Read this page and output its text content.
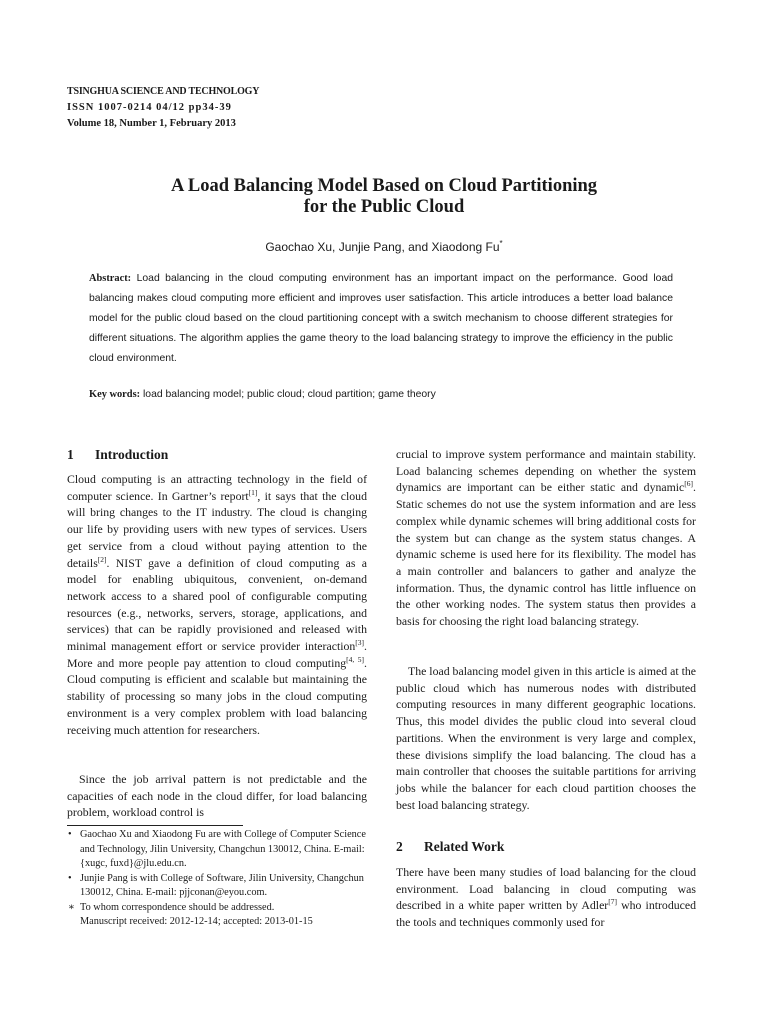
TSINGHUA SCIENCE AND TECHNOLOGY
ISSN 1007-0214 04/12 pp34-39
Volume 18, Number 1, February 2013
A Load Balancing Model Based on Cloud Partitioning
for the Public Cloud
Gaochao Xu, Junjie Pang, and Xiaodong Fu*
Abstract: Load balancing in the cloud computing environment has an important impact on the performance. Good load balancing makes cloud computing more efficient and improves user satisfaction. This article introduces a better load balance model for the public cloud based on the cloud partitioning concept with a switch mechanism to choose different strategies for different situations. The algorithm applies the game theory to the load balancing strategy to improve the efficiency in the public cloud environment.
Key words: load balancing model; public cloud; cloud partition; game theory
1 Introduction
Cloud computing is an attracting technology in the field of computer science. In Gartner’s report[1], it says that the cloud will bring changes to the IT industry. The cloud is changing our life by providing users with new types of services. Users get service from a cloud without paying attention to the details[2]. NIST gave a definition of cloud computing as a model for enabling ubiquitous, convenient, on-demand network access to a shared pool of configurable computing resources (e.g., networks, servers, storage, applications, and services) that can be rapidly provisioned and released with minimal management effort or service provider interaction[3]. More and more people pay attention to cloud computing[4, 5]. Cloud computing is efficient and scalable but maintaining the stability of processing so many jobs in the cloud computing environment is a very complex problem with load balancing receiving much attention for researchers.
Since the job arrival pattern is not predictable and the capacities of each node in the cloud differ, for load balancing problem, workload control is
• Gaochao Xu and Xiaodong Fu are with College of Computer Science and Technology, Jilin University, Changchun 130012, China. E-mail: {xugc, fuxd}@jlu.edu.cn.
• Junjie Pang is with College of Software, Jilin University, Changchun 130012, China. E-mail: pjjconan@eyou.com.
∗ To whom correspondence should be addressed.
Manuscript received: 2012-12-14; accepted: 2013-01-15
crucial to improve system performance and maintain stability. Load balancing schemes depending on whether the system dynamics are important can be either static and dynamic[6]. Static schemes do not use the system information and are less complex while dynamic schemes will bring additional costs for the system but can change as the system status changes. A dynamic scheme is used here for its flexibility. The model has a main controller and balancers to gather and analyze the information. Thus, the dynamic control has little influence on the other working nodes. The system status then provides a basis for choosing the right load balancing strategy.
The load balancing model given in this article is aimed at the public cloud which has numerous nodes with distributed computing resources in many different geographic locations. Thus, this model divides the public cloud into several cloud partitions. When the environment is very large and complex, these divisions simplify the load balancing. The cloud has a main controller that chooses the suitable partitions for arriving jobs while the balancer for each cloud partition chooses the best load balancing strategy.
2 Related Work
There have been many studies of load balancing for the cloud environment. Load balancing in cloud computing was described in a white paper written by Adler[7] who introduced the tools and techniques commonly used for
